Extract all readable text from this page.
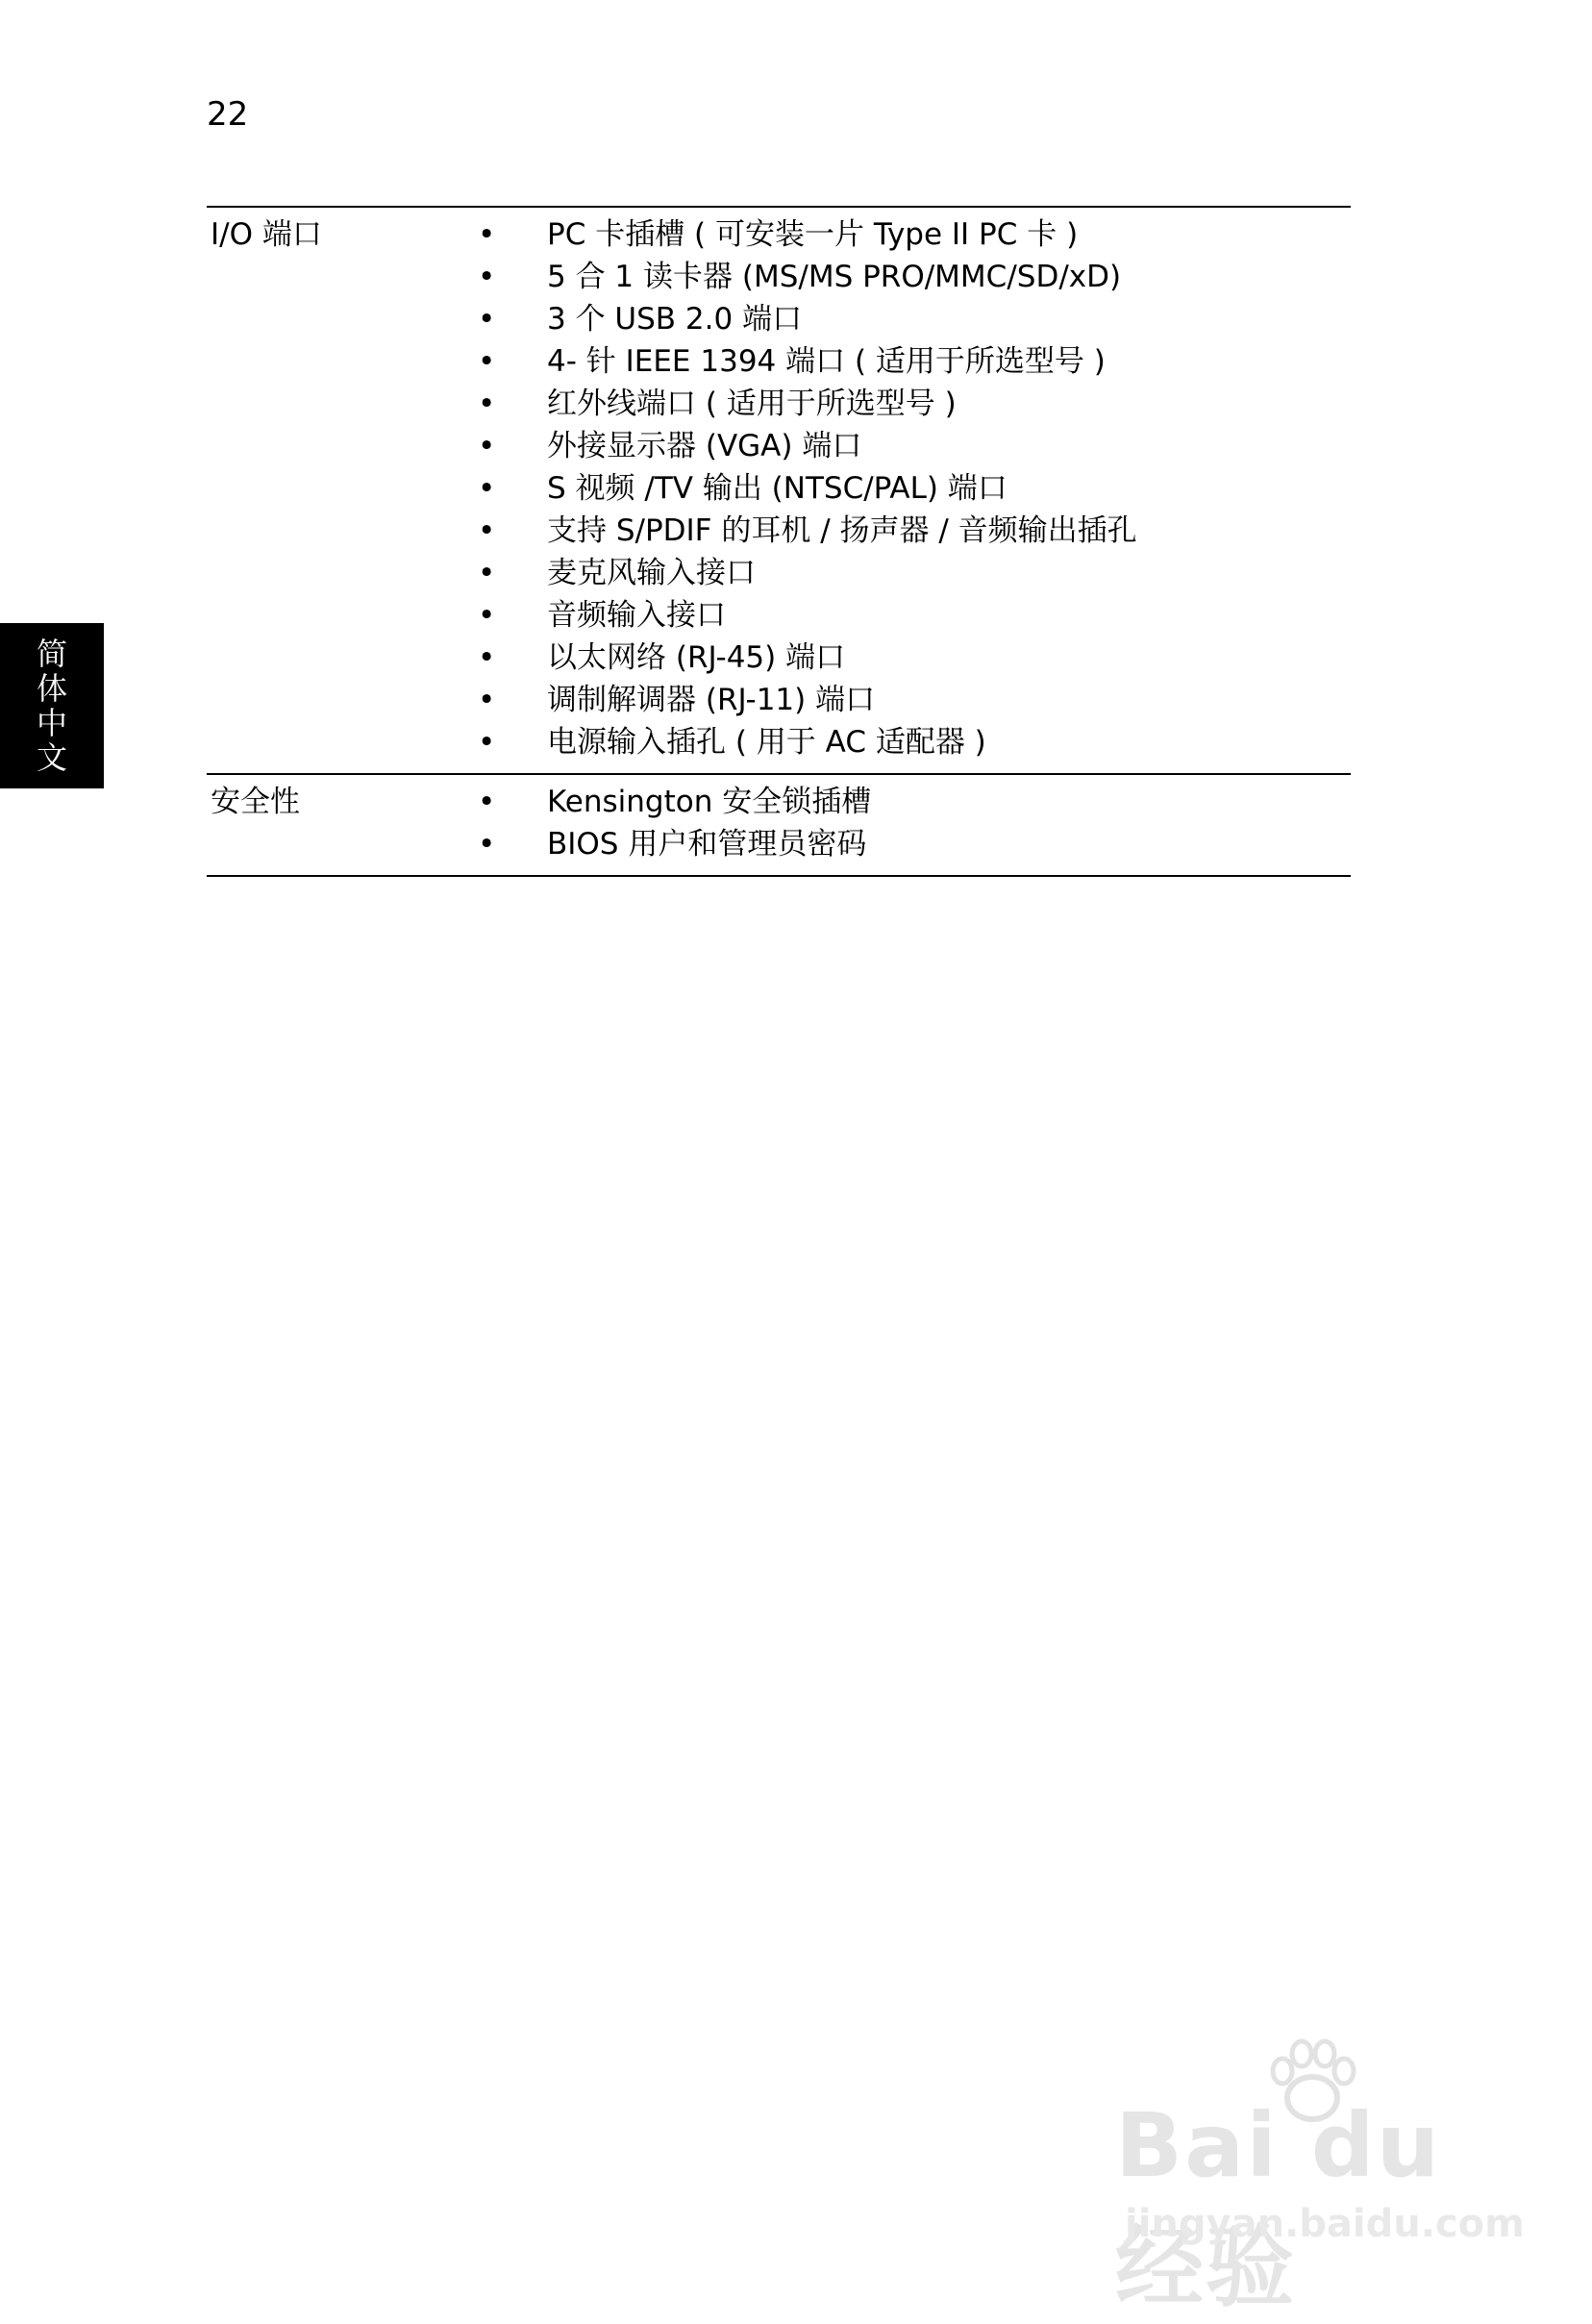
22
简
体
中
文
I/O 端口	•	PC 卡插槽 ( 可安装一片 Type II PC 卡 )
•	5 合 1 读卡器 (MS/MS PRO/MMC/SD/xD)
•	3 个 USB 2.0 端口
•	4- 针 IEEE 1394 端口 ( 适用于所选型号 )
•	红外线端口 ( 适用于所选型号 )
•	外接显示器 (VGA) 端口
•	S 视频 /TV 输出 (NTSC/PAL) 端口
•	支持 S/PDIF 的耳机 / 扬声器 / 音频输出插孔
•	麦克风输入接口
•	音频输入接口
•	以太网络 (RJ-45) 端口
•	调制解调器 (RJ-11) 端口
•	电源输入插孔 ( 用于 AC 适配器 )
安全性	•	Kensington 安全锁插槽
•	BIOS 用户和管理员密码
Bai du 经验
jingyan.baidu.com
